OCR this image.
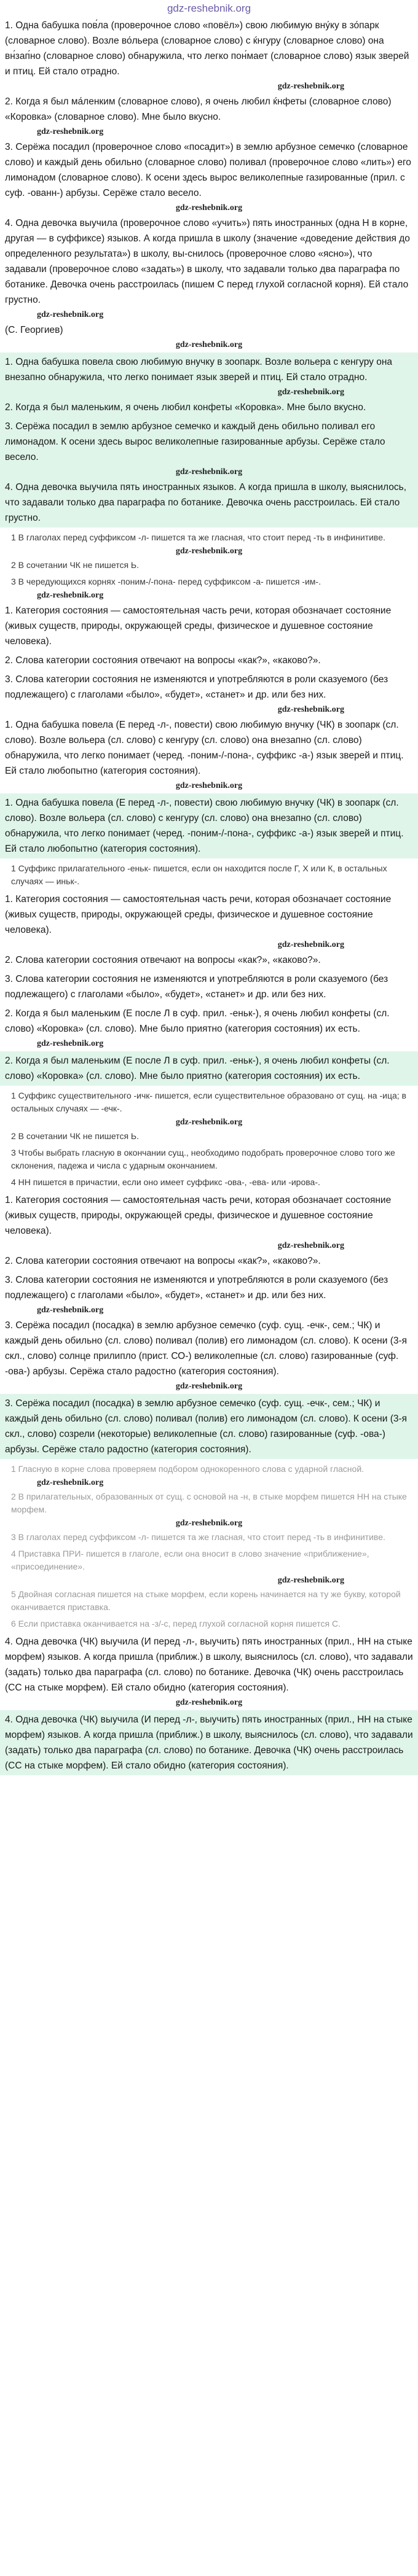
gdz-reshebnik.org

1. Одна бабушка пов́ла (проверочное слово «повёл») свою любимую вну́ку в зо́парк (словарное слово). Возле во́льера (словарное слово) с ќнгуру (словарное слово) она вн́зап́но (словарное слово) обнаружила, что легко пон́мает (словарное слово) язык зверей и птиц. Ей стало отрадно.

gdz-reshebnik.org

2. Когда я был ма́ленким (словарное слово), я очень любил ќнфеты (словарное слово) «Коровка» (словарное слово). Мне было вкусно.

gdz-reshebnik.org

3. Серёжа посадил (проверочное слово «посадит») в землю арбузное семечко (словарное слово) и каждый день обильно (словарное слово) поливал (проверочное слово «лить») его лимонадом (словарное слово). К осени здесь вырос великолепные газированные (прил. с суф. -ованн-) арбузы. Серёже стало весело.

gdz-reshebnik.org

4. Одна девочка выучила (проверочное слово «учить») пять иностранных (одна Н в корне, другая — в суффиксе) языков. А когда пришла в школу (значение «доведение действия до определенного результата») в школу, вы-снилось (проверочное слово «ясно»), что задавали (проверочное слово «задать») в школу, что задавали только два параграфа по ботанике. Девочка очень расстроилась (пишем С перед глухой согласной корня). Ей стало грустно.

gdz-reshebnik.org

(С. Георгиев)

gdz-reshebnik.org

1. Одна бабушка повела свою любимую внучку в зоопарк. Возле вольера с кенгуру она внезапно обнаружила, что легко понимает язык зверей и птиц. Ей стало отрадно.

gdz-reshebnik.org

2. Когда я был маленьким, я очень любил конфеты «Коровка». Мне было вкусно.

3. Серёжа посадил в землю арбузное семечко и каждый день обильно поливал его лимонадом. К осени здесь вырос великолепные газированные арбузы. Серёже стало весело.

gdz-reshebnik.org

4. Одна девочка выучила пять иностранных языков. А когда пришла в школу, выяснилось, что задавали только два параграфа по ботанике. Девочка очень расстроилась. Ей стало грустно.

1 В глаголах перед суффиксом -л- пишется та же гласная, что стоит перед -ть в инфинитиве.
gdz-reshebnik.org
2 В сочетании ЧК не пишется Ь.
3 В чередующихся корнях -поним-/-пона- перед суффиксом -а- пишется -им-.
gdz-reshebnik.org

1. Категория состояния — самостоятельная часть речи, которая обозначает состояние (живых существ, природы, окружающей среды, физическое и душевное состояние человека).

2. Слова категории состояния отвечают на вопросы «как?», «каково?».

3. Слова категории состояния не изменяются и употребляются в роли сказуемого (без подлежащего) с глаголами «было», «будет», «станет» и др. или без них.

gdz-reshebnik.org

1. Одна бабушка повела (Е перед -л-, повести) свою любимую внучку (ЧК) в зоопарк (сл. слово). Возле вольера (сл. слово) с кенгуру (сл. слово) она внезапно (сл. слово) обнаружила, что легко понимает (черед. -поним-/-пона-, суффикс -а-) язык зверей и птиц. Ей стало любопытно (категория состояния).

gdz-reshebnik.org

1. Одна бабушка повела (Е перед -л-, повести) свою любимую внучку (ЧК) в зоопарк (сл. слово). Возле вольера (сл. слово) с кенгуру (сл. слово) она внезапно (сл. слово) обнаружила, что легко понимает (черед. -поним-/-пона-, суффикс -а-) язык зверей и птиц. Ей стало любопытно (категория состояния).

1 Суффикс прилагательного -еньк- пишется, если он находится после Г, Х или К, в остальных случаях — иньк-.

1. Категория состояния — самостоятельная часть речи, которая обозначает состояние (живых существ, природы, окружающей среды, физическое и душевное состояние человека).

gdz-reshebnik.org

2. Слова категории состояния отвечают на вопросы «как?», «каково?».

3. Слова категории состояния не изменяются и употребляются в роли сказуемого (без подлежащего) с глаголами «было», «будет», «станет» и др. или без них.

2. Когда я был маленьким (Е после Л в суф. прил. -еньк-), я очень любил конфеты (сл. слово) «Коровка» (сл. слово). Мне было приятно (категория состояния) их есть.

gdz-reshebnik.org

2. Когда я был маленьким (Е после Л в суф. прил. -еньк-), я очень любил конфеты (сл. слово) «Коровка» (сл. слово). Мне было приятно (категория состояния) их есть.

1 Суффикс существительного -ичк- пишется, если существительное образовано от сущ. на -ица; в остальных случаях — -ечк-.
gdz-reshebnik.org
2 В сочетании ЧК не пишется Ь.
3 Чтобы выбрать гласную в окончании сущ., необходимо подобрать проверочное слово того же склонения, падежа и числа с ударным окончанием.
4 НН пишется в причастии, если оно имеет суффикс -ова-, -ева- или -ирова-.

1. Категория состояния — самостоятельная часть речи, которая обозначает состояние (живых существ, природы, окружающей среды, физическое и душевное состояние человека).

gdz-reshebnik.org

2. Слова категории состояния отвечают на вопросы «как?», «каково?».

3. Слова категории состояния не изменяются и употребляются в роли сказуемого (без подлежащего) с глаголами «было», «будет», «станет» и др. или без них.

gdz-reshebnik.org

3. Серёжа посадил (посадка) в землю арбузное семечко (суф. сущ. -ечк-, сем.; ЧК) и каждый день обильно (сл. слово) поливал (полив) его лимонадом (сл. слово). К осени (3-я скл., слово) солнце прилипло (прист. СО-) великолепные (сл. слово) газированные (суф. -ова-) арбузы. Серёжа стало радостно (категория состояния).

gdz-reshebnik.org

3. Серёжа посадил (посадка) в землю арбузное семечко (суф. сущ. -ечк-, сем.; ЧК) и каждый день обильно (сл. слово) поливал (полив) его лимонадом (сл. слово). К осени (3-я скл., слово) созрели (некоторые) великолепные (сл. слово) газированные (суф. -ова-) арбузы. Серёже стало радостно (категория состояния).

1 Гласную в корне слова проверяем подбором однокоренного слова с ударной гласной.
gdz-reshebnik.org
2 В прилагательных, образованных от сущ. с основой на -н, в стыке морфем пишется НН на стыке морфем.
gdz-reshebnik.org
3 В глаголах перед суффиксом -л- пишется та же гласная, что стоит перед -ть в инфинитиве.
4 Приставка ПРИ- пишется в глаголе, если она вносит в слово значение «приближение», «присоединение».
gdz-reshebnik.org
5 Двойная согласная пишется на стыке морфем, если корень начинается на ту же букву, которой оканчивается приставка.
6 Если приставка оканчивается на -з/-с, перед глухой согласной корня пишется С.

4. Одна девочка (ЧК) выучила (И перед -л-, выучить) пять иностранных (прил., НН на стыке морфем) языков. А когда пришла (приближ.) в школу, выяснилось (сл. слово), что задавали (задать) только два параграфа (сл. слово) по ботанике. Девочка (ЧК) очень расстроилась (СС на стыке морфем). Ей стало обидно (категория состояния).

gdz-reshebnik.org

4. Одна девочка (ЧК) выучила (И перед -л-, выучить) пять иностранных (прил., НН на стыке морфем) языков. А когда пришла (приближ.) в школу, выяснилось (сл. слово), что задавали (задать) только два параграфа (сл. слово) по ботанике. Девочка (ЧК) очень расстроилась (СС на стыке морфем). Ей стало обидно (категория состояния).
